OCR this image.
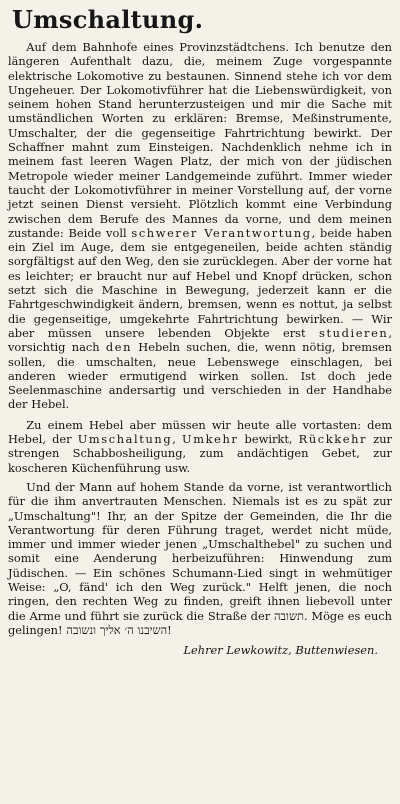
Umschaltung.

Auf dem Bahnhofe eines Provinzstädtchens. Ich benutze den längeren Aufenthalt dazu, die, meinem Zuge vorgespannte elektrische Lokomotive zu bestaunen. Sinnend stehe ich vor dem Ungeheuer. Der Lokomotivführer hat die Liebenswürdigkeit, von seinem hohen Stand herunterzusteigen und mir die Sache mit umständlichen Worten zu erklären: Bremse, Meßinstrumente, Umschalter, der die gegenseitige Fahrtrichtung bewirkt. Der Schaffner mahnt zum Einsteigen. Nachdenklich nehme ich in meinem fast leeren Wagen Platz, der mich von der jüdischen Metropole wieder meiner Landgemeinde zuführt. Immer wieder taucht der Lokomotivführer in meiner Vorstellung auf, der vorne jetzt seinen Dienst versieht. Plötzlich kommt eine Verbindung zwischen dem Berufe des Mannes da vorne, und dem meinen zustande: Beide voll schwerer Verantwortung, beide haben ein Ziel im Auge, dem sie entgegeneilen, beide achten ständig sorgfältigst auf den Weg, den sie zurücklegen. Aber der vorne hat es leichter; er braucht nur auf Hebel und Knopf drücken, schon setzt sich die Maschine in Bewegung, jederzeit kann er die Fahrtgeschwindigkeit ändern, bremsen, wenn es nottut, ja selbst die gegenseitige, umgekehrte Fahrtrichtung bewirken. — Wir aber müssen unsere lebenden Objekte erst studieren, vorsichtig nach den Hebeln suchen, die, wenn nötig, bremsen sollen, die umschalten, neue Lebenswege einschlagen, bei anderen wieder ermutigend wirken sollen. Ist doch jede Seelenmaschine andersartig und verschieden in der Handhabe der Hebel.

Zu einem Hebel aber müssen wir heute alle vortasten: dem Hebel, der Umschaltung, Umkehr bewirkt, Rückkehr zur strengen Schabbosheiligung, zum andächtigen Gebet, zur koscheren Küchenführung usw.

Und der Mann auf hohem Stande da vorne, ist verantwortlich für die ihm anvertrauten Menschen. Niemals ist es zu spät zur „Umschaltung"! Ihr, an der Spitze der Gemeinden, die Ihr die Verantwortung für deren Führung traget, werdet nicht müde, immer und immer wieder jenen „Umschalthebel" zu suchen und somit eine Aenderung herbeizuführen: Hinwendung zum Jüdischen. — Ein schönes Schumann-Lied singt in wehmütiger Weise: „O, fänd' ich den Weg zurück." Helft jenen, die noch ringen, den rechten Weg zu finden, greift ihnen liebevoll unter die Arme und führt sie zurück die Straße der תשובה. Möge es euch gelingen! השיבנו ה׳ אליך ונשובה!

Lehrer Lewkowitz, Buttenwiesen.
